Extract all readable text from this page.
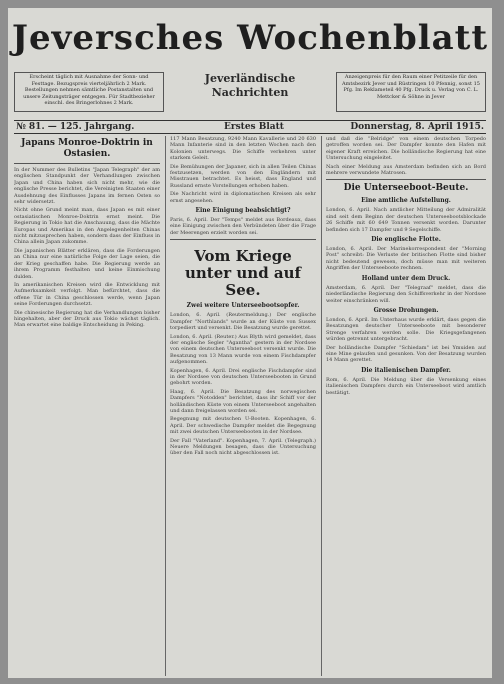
Jeversches Wochenblatt
Erscheint täglich mit Ausnahme der Sonn- und Festtage. Bezugspreis vierteljährlich 2 Mark. Bestellungen nehmen sämtliche Postanstalten und unsere Zeitungsträger entgegen. Für Stadtbezieher einschl. des Bringerlohnes 2 Mark.
Jeverländische
Nachrichten
Anzeigenpreis für den Raum einer Petitzeile für den Amtsbezirk Jever und Rüstringen 10 Pfennig, sonst 15 Pfg. Im Reklameteil 40 Pfg. Druck u. Verlag von C. L. Mettcker & Söhne in Jever
№ 81. — 125. Jahrgang.	Erstes Blatt	Donnerstag, 8. April 1915.
Japans Monroe-Doktrin in Ostasien.

In der Nummer des Bulletins "Japan Telegraph" der am englischen Standpunkt der Verhandlungen zwischen Japan und China haben sich nicht mehr, wie die englische Presse berichtet, die Vereinigten Staaten einer Ausdehnung des Einflusses Japans im fernen Osten so sehr widersetzt.

Nicht ohne Grund meint man, dass Japan es mit einer ostasiatischen Monroe-Doktrin ernst meint. Die Regierung in Tokio hat die Anschauung, dass die Mächte Europas und Amerikas in den Angelegenheiten Chinas nicht mitzusprechen haben, sondern dass der Einfluss in China allein Japan zukomme.

Die japanischen Blätter erklären, dass die Forderungen an China nur eine natürliche Folge der Lage seien, die der Krieg geschaffen habe. Die Regierung werde an ihrem Programm festhalten und keine Einmischung dulden.

In amerikanischen Kreisen wird die Entwicklung mit Aufmerksamkeit verfolgt. Man befürchtet, dass die offene Tür in China geschlossen werde, wenn Japan seine Forderungen durchsetzt.

Die chinesische Regierung hat die Verhandlungen bisher hingehalten, aber der Druck aus Tokio wächst täglich. Man erwartet eine baldige Entscheidung in Peking.

117 Mann Besatzung, 9240 Mann Kavallerie und 20 630 Mann Infanterie sind in den letzten Wochen nach den Kolonien unterwegs. Die Schiffe verkehren unter starkem Geleit.

Die Bemühungen der Japaner, sich in allen Teilen Chinas festzusetzen, werden von den Engländern mit Misstrauen betrachtet. Es heisst, dass England und Russland ernste Vorstellungen erhoben haben.

Die Nachricht wird in diplomatischen Kreisen als sehr ernst angesehen.

Eine Einigung beabsichtigt?

Paris, 6. April. Der "Temps" meldet aus Bordeaux, dass eine Einigung zwischen den Verbündeten über die Frage der Meerengen erzielt worden sei.

Vom Kriege unter und auf See.
Zwei weitere Unterseebootsopfer.

London, 6. April. (Reutermeldung.) Der englische Dampfer "Northlands" wurde an der Küste von Sussex torpediert und versenkt. Die Besatzung wurde gerettet.

London, 6. April. (Reuter.) Aus Blyth wird gemeldet, dass der englische Segler "Agantha" gestern in der Nordsee von einem deutschen Unterseeboot versenkt wurde. Die Besatzung von 13 Mann wurde von einem Fischdampfer aufgenommen.

Kopenhagen, 6. April. Drei englische Fischdampfer sind in der Nordsee von deutschen Unterseebooten in Grund gebohrt worden.

Haag, 6. April. Die Besatzung des norwegischen Dampfers "Notodden" berichtet, dass ihr Schiff vor der holländischen Küste von einem Unterseeboot angehalten und dann freigelassen worden sei.

Begegnung mit deutschen U-Booten. Kopenhagen, 6. April. Der schwedische Dampfer meldet die Begegnung mit zwei deutschen Unterseebooten in der Nordsee.

Der Fall "Vaterland". Kopenhagen, 7. April. (Telegraph.) Neuere Meldungen besagen, dass die Untersuchung über den Fall noch nicht abgeschlossen ist.

und daß die "Belridge" von einem deutschen Torpedo getroffen worden sei. Der Dampfer konnte den Hafen mit eigener Kraft erreichen. Die holländische Regierung hat eine Untersuchung eingeleitet.

Nach einer Meldung aus Amsterdam befinden sich an Bord mehrere verwundete Matrosen.

Die Unterseeboot-Beute.
Eine amtliche Aufstellung.

London, 6. April. Nach amtlicher Mitteilung der Admiralität sind seit dem Beginn der deutschen Unterseebootsblockade 26 Schiffe mit 60 649 Tonnen versenkt worden. Darunter befinden sich 17 Dampfer und 9 Segelschiffe.

Die englische Flotte.

London, 6. April. Der Marinekorrespondent der "Morning Post" schreibt: Die Verluste der britischen Flotte sind bisher nicht bedeutend gewesen, doch müsse man mit weiteren Angriffen der Unterseeboote rechnen.

Holland unter dem Druck.

Amsterdam, 6. April. Der "Telegraaf" meldet, dass die niederländische Regierung den Schiffsverkehr in der Nordsee weiter einschränken will.

Grosse Drohungen.

London, 6. April. Im Unterhaus wurde erklärt, dass gegen die Besatzungen deutscher Unterseeboote mit besonderer Strenge verfahren werden solle. Die Kriegsgefangenen würden getrennt untergebracht.

Der holländische Dampfer "Schiedam" ist bei Ymuiden auf eine Mine gelaufen und gesunken. Von der Besatzung wurden 14 Mann gerettet.

Die italienischen Dampfer.

Rom, 6. April. Die Meldung über die Versenkung eines italienischen Dampfers durch ein Unterseeboot wird amtlich bestätigt.
